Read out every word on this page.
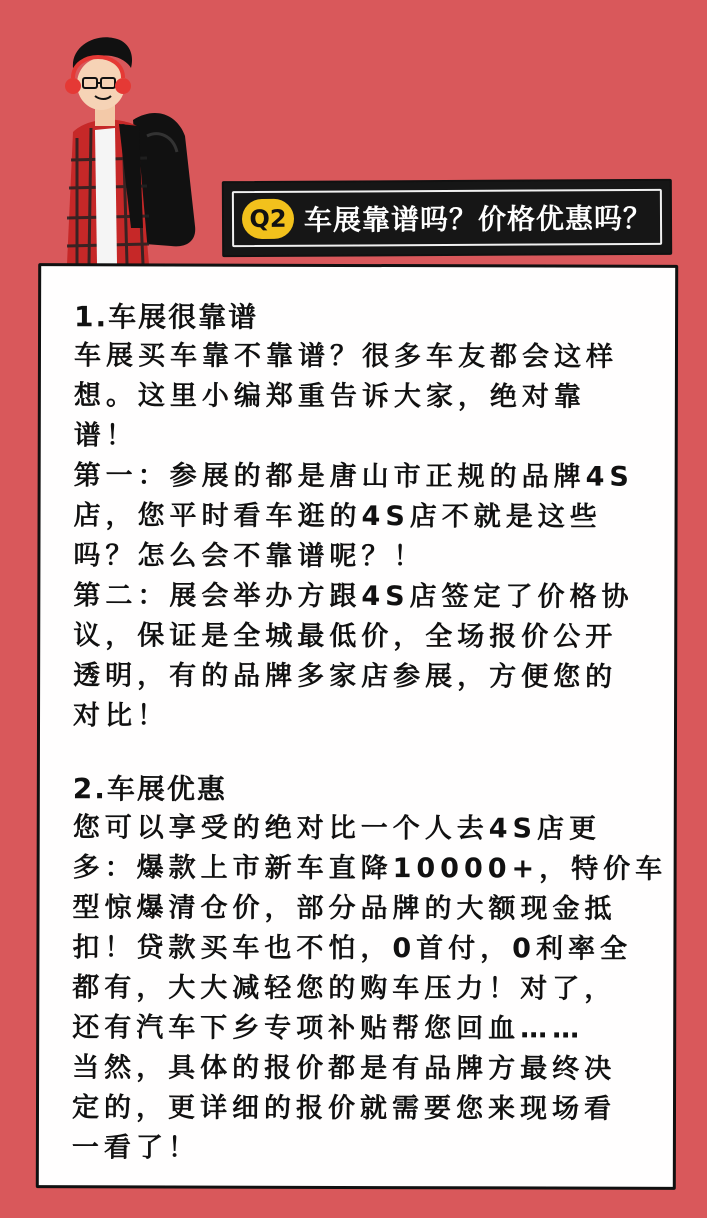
Q2 车展靠谱吗？价格优惠吗？
1.车展很靠谱
车展买车靠不靠谱？很多车友都会这样
想。这里小编郑重告诉大家，绝对靠
谱！
第一：参展的都是唐山市正规的品牌4S
店，您平时看车逛的4S店不就是这些
吗？怎么会不靠谱呢？！
第二：展会举办方跟4S店签定了价格协
议，保证是全城最低价，全场报价公开
透明，有的品牌多家店参展，方便您的
对比！
2.车展优惠
您可以享受的绝对比一个人去4S店更
多：爆款上市新车直降10000+，特价车
型惊爆清仓价，部分品牌的大额现金抵
扣！贷款买车也不怕，0首付，0利率全
都有，大大减轻您的购车压力！对了，
还有汽车下乡专项补贴帮您回血……
当然，具体的报价都是有品牌方最终决
定的，更详细的报价就需要您来现场看
一看了！
